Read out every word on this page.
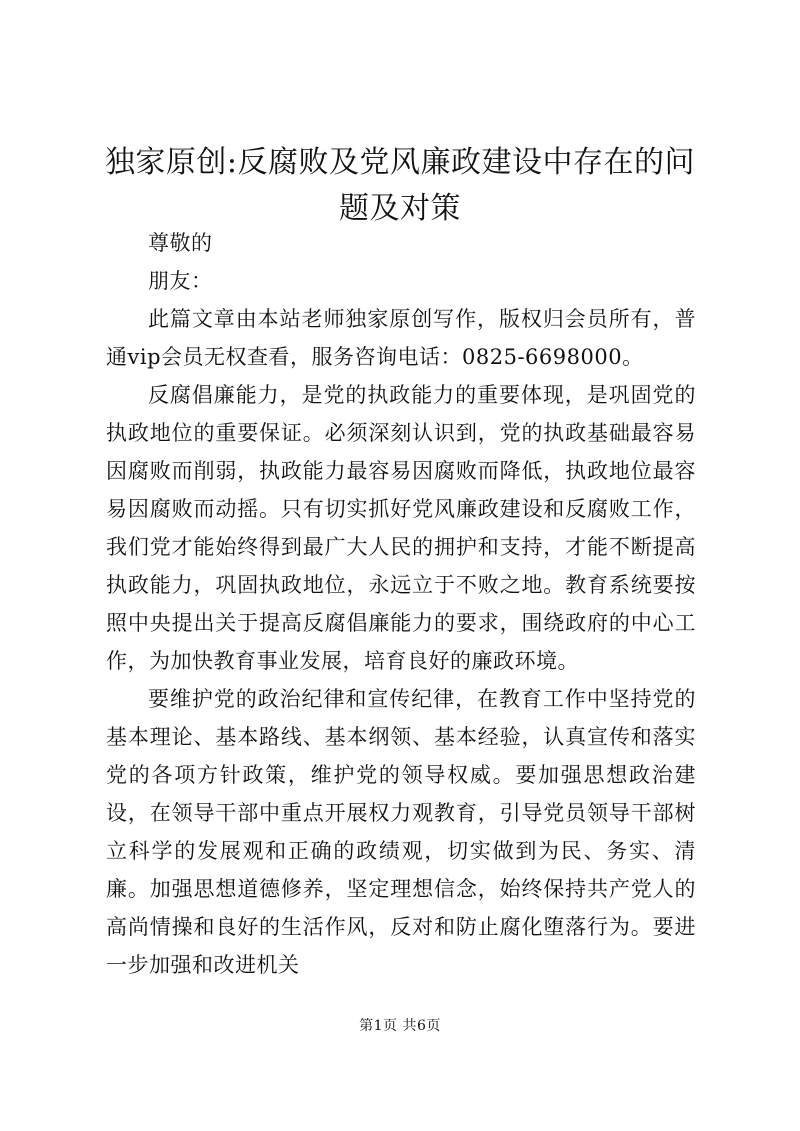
独家原创:反腐败及党风廉政建设中存在的问题及对策

尊敬的

朋友：

此篇文章由本站老师独家原创写作，版权归会员所有，普通vip会员无权查看，服务咨询电话：0825-6698000。

反腐倡廉能力，是党的执政能力的重要体现，是巩固党的执政地位的重要保证。必须深刻认识到，党的执政基础最容易因腐败而削弱，执政能力最容易因腐败而降低，执政地位最容易因腐败而动摇。只有切实抓好党风廉政建设和反腐败工作，我们党才能始终得到最广大人民的拥护和支持，才能不断提高执政能力，巩固执政地位，永远立于不败之地。教育系统要按照中央提出关于提高反腐倡廉能力的要求，围绕政府的中心工作，为加快教育事业发展，培育良好的廉政环境。

要维护党的政治纪律和宣传纪律，在教育工作中坚持党的基本理论、基本路线、基本纲领、基本经验，认真宣传和落实党的各项方针政策，维护党的领导权威。要加强思想政治建设，在领导干部中重点开展权力观教育，引导党员领导干部树立科学的发展观和正确的政绩观，切实做到为民、务实、清廉。加强思想道德修养，坚定理想信念，始终保持共产党人的高尚情操和良好的生活作风，反对和防止腐化堕落行为。要进一步加强和改进机关

第1页 共6页
